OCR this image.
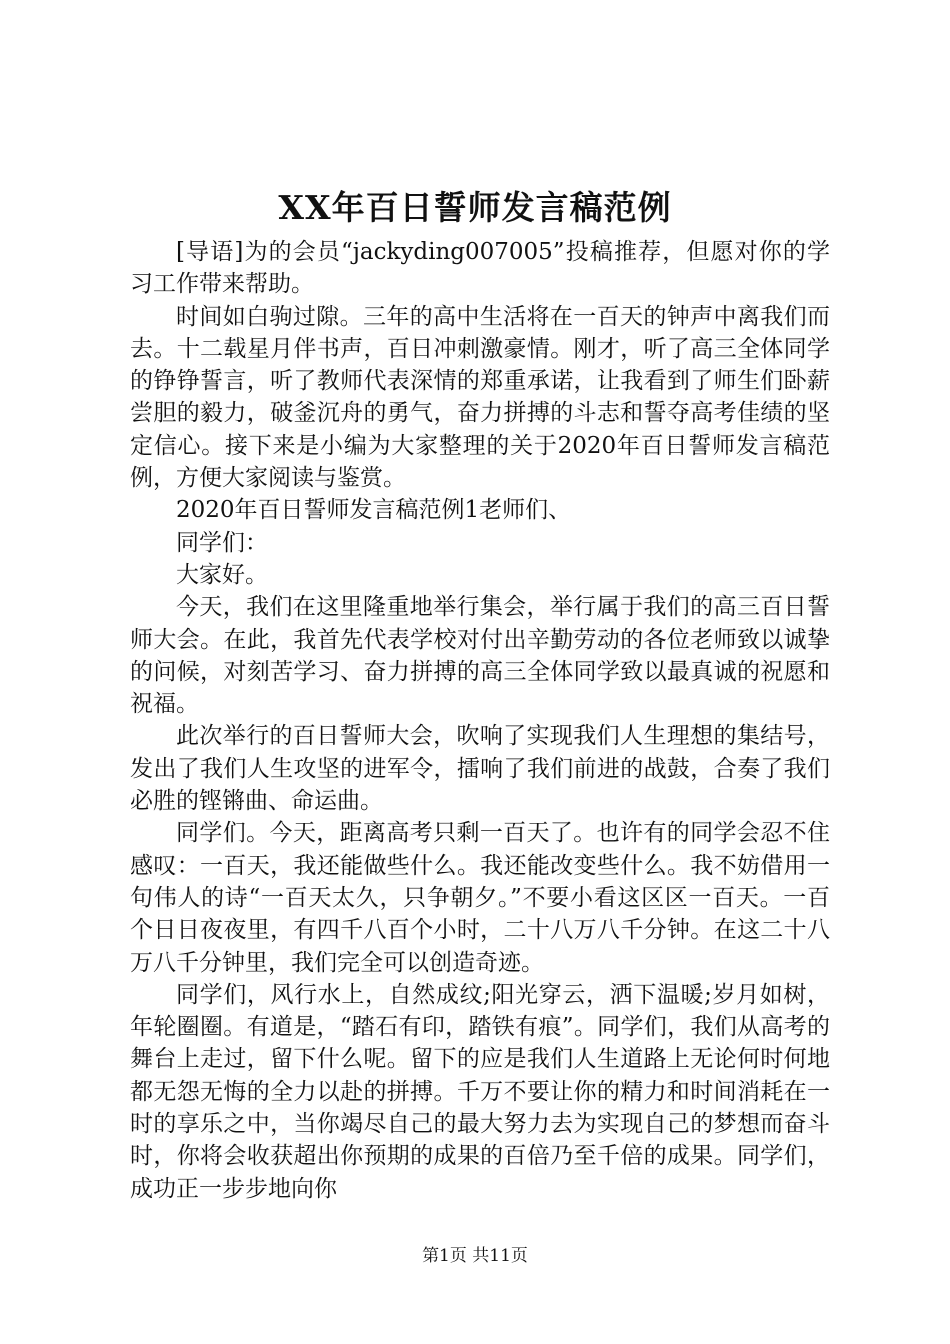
XX年百日誓师发言稿范例

[导语]为的会员“jackyding007005”投稿推荐，但愿对你的学习工作带来帮助。

时间如白驹过隙。三年的高中生活将在一百天的钟声中离我们而去。十二载星月伴书声，百日冲刺激豪情。刚才，听了高三全体同学的铮铮誓言，听了教师代表深情的郑重承诺，让我看到了师生们卧薪尝胆的毅力，破釜沉舟的勇气，奋力拼搏的斗志和誓夺高考佳绩的坚定信心。接下来是小编为大家整理的关于2020年百日誓师发言稿范例，方便大家阅读与鉴赏。

2020年百日誓师发言稿范例1老师们、

同学们：

大家好。

今天，我们在这里隆重地举行集会，举行属于我们的高三百日誓师大会。在此，我首先代表学校对付出辛勤劳动的各位老师致以诚挚的问候，对刻苦学习、奋力拼搏的高三全体同学致以最真诚的祝愿和祝福。

此次举行的百日誓师大会，吹响了实现我们人生理想的集结号，发出了我们人生攻坚的进军令，擂响了我们前进的战鼓，合奏了我们必胜的铿锵曲、命运曲。

同学们。今天，距离高考只剩一百天了。也许有的同学会忍不住感叹：一百天，我还能做些什么。我还能改变些什么。我不妨借用一句伟人的诗“一百天太久，只争朝夕。”不要小看这区区一百天。一百个日日夜夜里，有四千八百个小时，二十八万八千分钟。在这二十八万八千分钟里，我们完全可以创造奇迹。

同学们，风行水上，自然成纹;阳光穿云，洒下温暖;岁月如树，年轮圈圈。有道是，“踏石有印，踏铁有痕”。同学们，我们从高考的舞台上走过，留下什么呢。留下的应是我们人生道路上无论何时何地都无怨无悔的全力以赴的拼搏。千万不要让你的精力和时间消耗在一时的享乐之中，当你竭尽自己的最大努力去为实现自己的梦想而奋斗时，你将会收获超出你预期的成果的百倍乃至千倍的成果。同学们，成功正一步步地向你

第1页 共11页
